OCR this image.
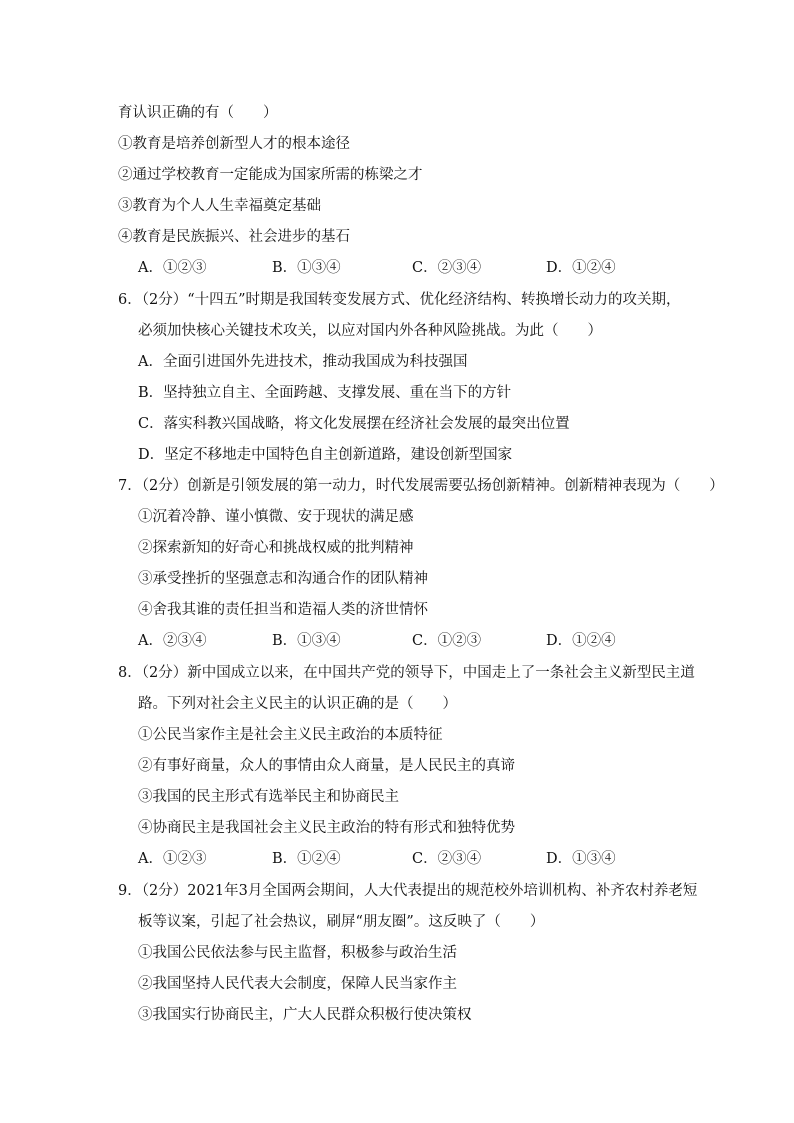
育认识正确的有（　　）
①教育是培养创新型人才的根本途径
②通过学校教育一定能成为国家所需的栋梁之才
③教育为个人人生幸福奠定基础
④教育是民族振兴、社会进步的基石
A．①②③	B．①③④	C．②③④	D．①②④
6．（2分）“十四五”时期是我国转变发展方式、优化经济结构、转换增长动力的攻关期，
必须加快核心关键技术攻关，以应对国内外各种风险挑战。为此（　　）
A．全面引进国外先进技术，推动我国成为科技强国
B．坚持独立自主、全面跨越、支撑发展、重在当下的方针
C．落实科教兴国战略，将文化发展摆在经济社会发展的最突出位置
D．坚定不移地走中国特色自主创新道路，建设创新型国家
7．（2分）创新是引领发展的第一动力，时代发展需要弘扬创新精神。创新精神表现为（　　）
①沉着冷静、谨小慎微、安于现状的满足感
②探索新知的好奇心和挑战权威的批判精神
③承受挫折的坚强意志和沟通合作的团队精神
④舍我其谁的责任担当和造福人类的济世情怀
A．②③④	B．①③④	C．①②③	D．①②④
8．（2分）新中国成立以来，在中国共产党的领导下，中国走上了一条社会主义新型民主道
路。下列对社会主义民主的认识正确的是（　　）
①公民当家作主是社会主义民主政治的本质特征
②有事好商量，众人的事情由众人商量，是人民民主的真谛
③我国的民主形式有选举民主和协商民主
④协商民主是我国社会主义民主政治的特有形式和独特优势
A．①②③	B．①②④	C．②③④	D．①③④
9．（2分）2021年3月全国两会期间，人大代表提出的规范校外培训机构、补齐农村养老短
板等议案，引起了社会热议，刷屏“朋友圈”。这反映了（　　）
①我国公民依法参与民主监督，积极参与政治生活
②我国坚持人民代表大会制度，保障人民当家作主
③我国实行协商民主，广大人民群众积极行使决策权
